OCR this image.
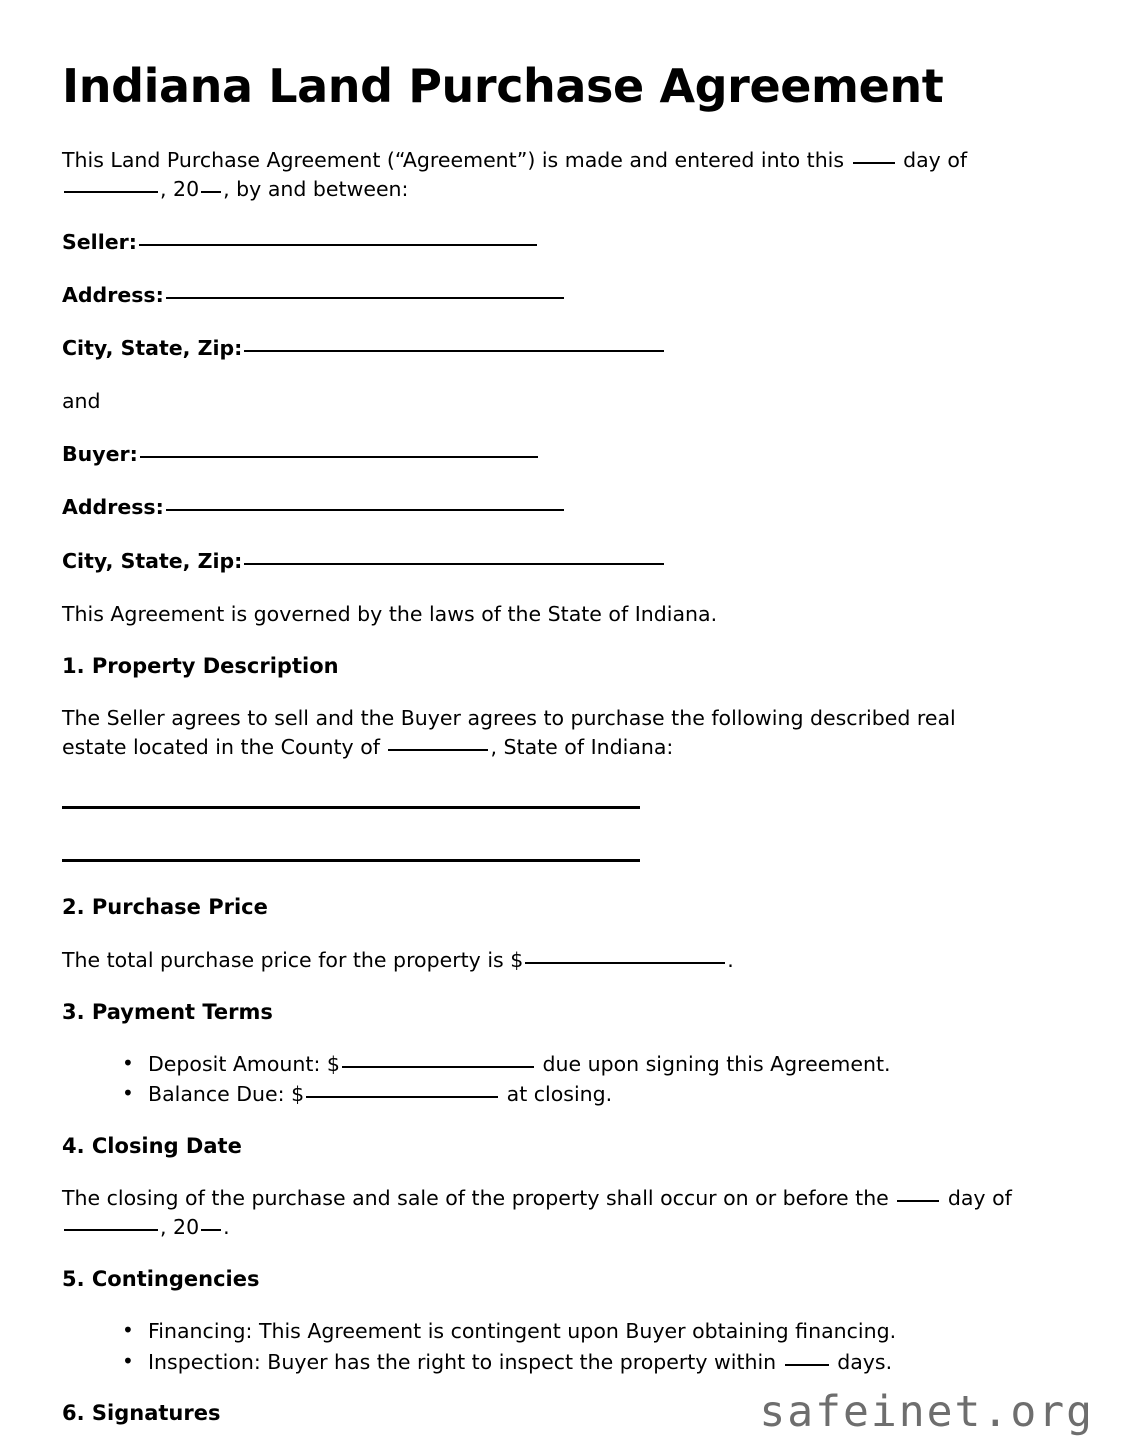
Indiana Land Purchase Agreement

This Land Purchase Agreement (“Agreement”) is made and entered into this  day of , 20 , by and between:

Seller:
Address:
City, State, Zip:

and

Buyer:
Address:
City, State, Zip:

This Agreement is governed by the laws of the State of Indiana.

1. Property Description

The Seller agrees to sell and the Buyer agrees to purchase the following described real estate located in the County of	, State of Indiana:

2. Purchase Price

The total purchase price for the property is $	.

3. Payment Terms
• Deposit Amount: $	due upon signing this Agreement.
• Balance Due: $	at closing.
4. Closing Date

The closing of the purchase and sale of the property shall occur on or before the  day of , 20 .

5. Contingencies
• Financing: This Agreement is contingent upon Buyer obtaining financing.
• Inspection: Buyer has the right to inspect the property within  days.
6. Signatures	safeinet.org
